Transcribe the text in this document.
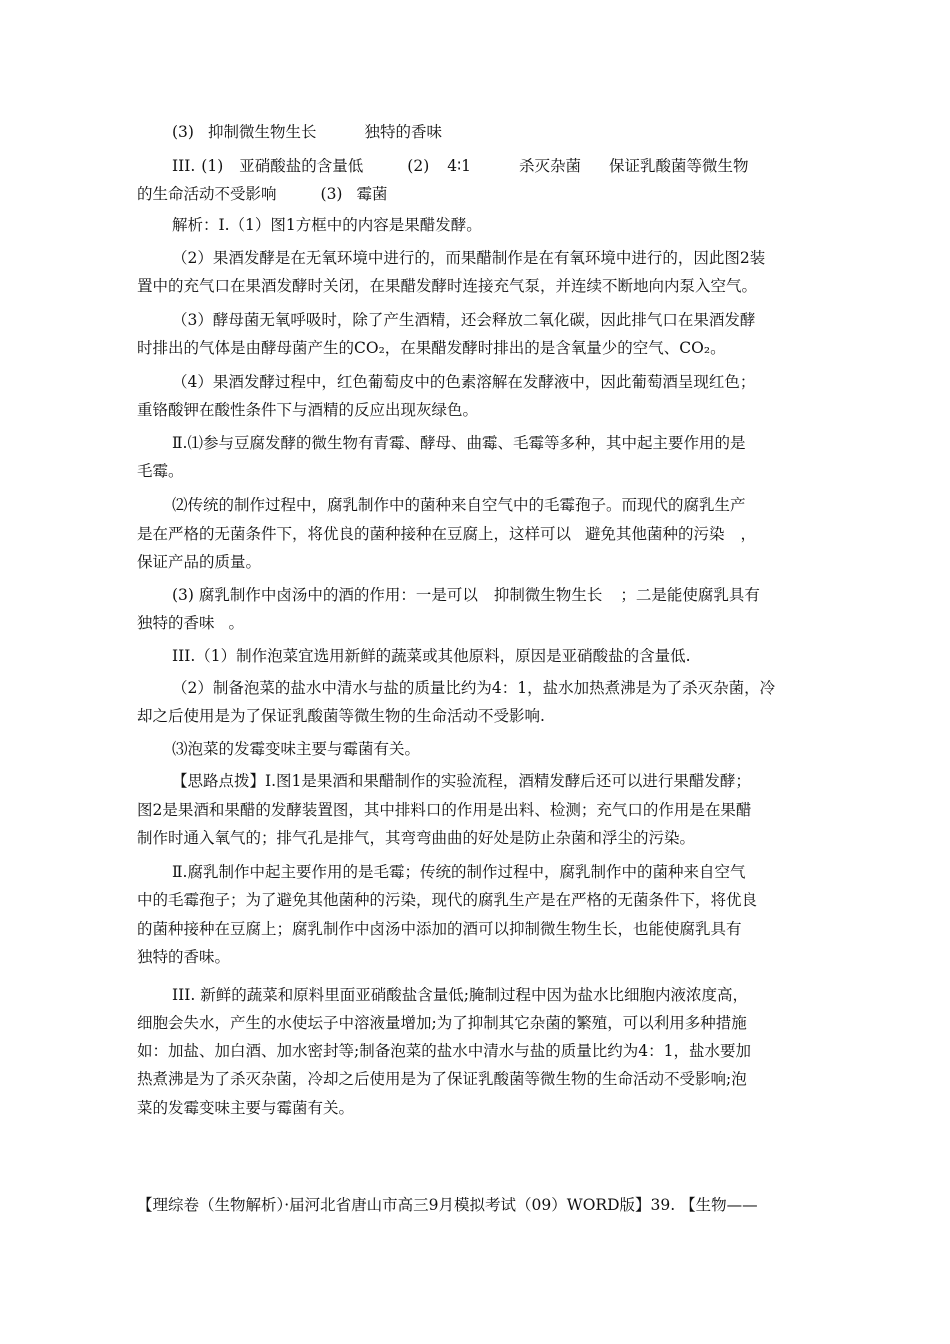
(3) 抑制微生物生长	独特的香味
III. (1) 亚硝酸盐的含量低	(2) 4∶1	杀灭杂菌 保证乳酸菌等微生物
的生命活动不受影响	(3) 霉菌
解析：Ⅰ.（1）图1方框中的内容是果醋发酵。
（2）果酒发酵是在无氧环境中进行的，而果醋制作是在有氧环境中进行的，因此图2装
置中的充气口在果酒发酵时关闭，在果醋发酵时连接充气泵，并连续不断地向内泵入空气。
（3）酵母菌无氧呼吸时，除了产生酒精，还会释放二氧化碳，因此排气口在果酒发酵
时排出的气体是由酵母菌产生的CO₂，在果醋发酵时排出的是含氧量少的空气、CO₂。
（4）果酒发酵过程中，红色葡萄皮中的色素溶解在发酵液中，因此葡萄酒呈现红色；
重铬酸钾在酸性条件下与酒精的反应出现灰绿色。
Ⅱ.⑴参与豆腐发酵的微生物有青霉、酵母、曲霉、毛霉等多种，其中起主要作用的是
毛霉。
⑵传统的制作过程中，腐乳制作中的菌种来自空气中的毛霉孢子。而现代的腐乳生产
是在严格的无菌条件下，将优良的菌种接种在豆腐上，这样可以 避免其他菌种的污染 ，
保证产品的质量。
(3) 腐乳制作中卤汤中的酒的作用：一是可以 抑制微生物生长 ；二是能使腐乳具有
独特的香味 。
III.（1）制作泡菜宜选用新鲜的蔬菜或其他原料，原因是亚硝酸盐的含量低.
（2）制备泡菜的盐水中清水与盐的质量比约为4：1，盐水加热煮沸是为了杀灭杂菌，冷
却之后使用是为了保证乳酸菌等微生物的生命活动不受影响.
⑶泡菜的发霉变味主要与霉菌有关。
【思路点拨】Ⅰ.图1是果酒和果醋制作的实验流程，酒精发酵后还可以进行果醋发酵；
图2是果酒和果醋的发酵装置图，其中排料口的作用是出料、检测；充气口的作用是在果醋
制作时通入氧气的；排气孔是排气，其弯弯曲曲的好处是防止杂菌和浮尘的污染。
Ⅱ.腐乳制作中起主要作用的是毛霉；传统的制作过程中，腐乳制作中的菌种来自空气
中的毛霉孢子；为了避免其他菌种的污染，现代的腐乳生产是在严格的无菌条件下，将优良
的菌种接种在豆腐上；腐乳制作中卤汤中添加的酒可以抑制微生物生长，也能使腐乳具有
独特的香味。
III. 新鲜的蔬菜和原料里面亚硝酸盐含量低;腌制过程中因为盐水比细胞内液浓度高，
细胞会失水，产生的水使坛子中溶液量增加;为了抑制其它杂菌的繁殖，可以利用多种措施
如：加盐、加白酒、加水密封等;制备泡菜的盐水中清水与盐的质量比约为4：1，盐水要加
热煮沸是为了杀灭杂菌，冷却之后使用是为了保证乳酸菌等微生物的生命活动不受影响;泡
菜的发霉变味主要与霉菌有关。
【理综卷（生物解析）·届河北省唐山市高三9月模拟考试（09）WORD版】39. 【生物——
